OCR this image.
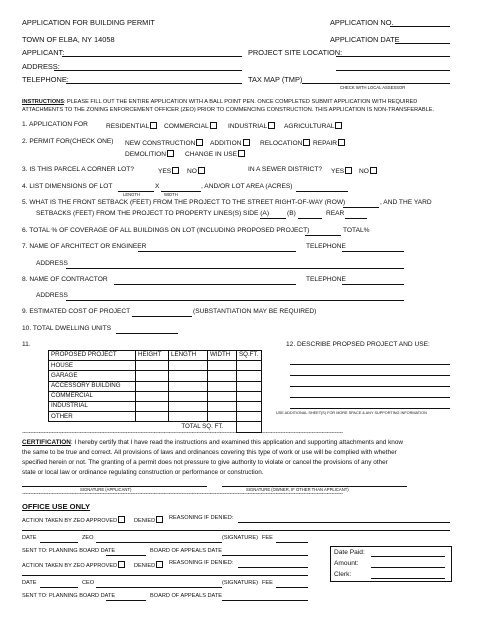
APPLICATION FOR BUILDING PERMIT	APPLICATION NO.
TOWN OF ELBA, NY 14058	APPLICATION DATE
APPLICANT:	PROJECT SITE LOCATION:
ADDRESS:
TELEPHONE:	TAX MAP (TMP)
CHECK WITH LOCAL ASSESSOR
INSTRUCTIONS: PLEASE FILL OUT THE ENTIRE APPLICATION WITH A BALL POINT PEN. ONCE COMPLETED SUBMIT APPLICATION WITH REQUIRED
ATTACHMENTS TO THE ZONING ENFORCEMENT OFFICER (ZEO) PRIOR TO COMMENCING CONSTRUCTION. THIS APPLICATION IS NON-TRANSFERABLE.
1. APPLICATION FOR	RESIDENTIAL	COMMERCIAL	INDUSTRIAL	AGRICULTURAL
2. PERMIT FOR(CHECK ONE) NEW CONSTRUCTION	ADDITION	RELOCATION	REPAIR
DEMOLITION	CHANGE IN USE
3. IS THIS PARCEL A CORNER LOT?	YES	NO	IN A SEWER DISTRICT? YES	NO
4. LIST DIMENSIONS OF LOT	X	, AND/OR LOT AREA (ACRES)
LENGTH	WIDTH
5. WHAT IS THE FRONT SETBACK (FEET) FROM THE PROJECT TO THE STREET RIGHT-OF-WAY (ROW)	, AND THE YARD
SETBACKS (FEET) FROM THE PROJECT TO PROPERTY LINES(S) SIDE (A)	(B)	REAR
6. TOTAL % OF COVERAGE OF ALL BUILDINGS ON LOT (INCLUDING PROPOSED PROJECT)	TOTAL%
7. NAME OF ARCHITECT OR ENGINEER	TELEPHONE
ADDRESS
8. NAME OF CONTRACTOR	TELEPHONE
ADDRESS
9. ESTIMATED COST OF PROJECT	(SUBSTANTIATION MAY BE REQUIRED)
10. TOTAL DWELLING UNITS
11.	12. DESCRIBE PROPSED PROJECT AND USE:
USE ADDITIONAL SHEET(S) FOR MORE SPACE & ANY SUPPORTING INFORMATION
PROPOSED PROJECT	HEIGHT	LENGTH	WIDTH	SQ.FT.
HOUSE				
GARAGE				
ACCESSORY BUILDING				
COMMERCIAL				
INDUSTRIAL				
OTHER				
		TOTAL SQ. FT.		
***************************************************************************************************************************************************************************************************
CERTIFICATION: I hereby certify that I have read the instructions and examined this application and supporting attachments and know
the same to be true and correct. All provisions of laws and ordinances covering this type of work or use will be complied with whether
specified herein or not. The granting of a permit does not pressure to give authority to violate or cancel the provisions of any other
state or local law or ordinance regulating construction or performance or construction.
SIGNATURE (APPLICANT)	SIGNATURE (OWNER, IF OTHER THAN APPLICANT)
***************************************************************************************************************************************************************************************************
OFFICE USE ONLY
ACTION TAKEN BY ZEO APPROVED	DENIED	REASONING IF DENIED:
DATE	ZEO	(SIGNATURE) FEE
SENT TO: PLANNING BOARD DATE	BOARD OF APPEALS DATE
ACTION TAKEN BY ZEO APPROVED	DENIED	REASONING IF DENIED:
DATE	CEO	(SIGNATURE) FEE
SENT TO: PLANNING BOARD DATE	BOARD OF APPEALS DATE
Date Paid:
Amount:
Clerk:
